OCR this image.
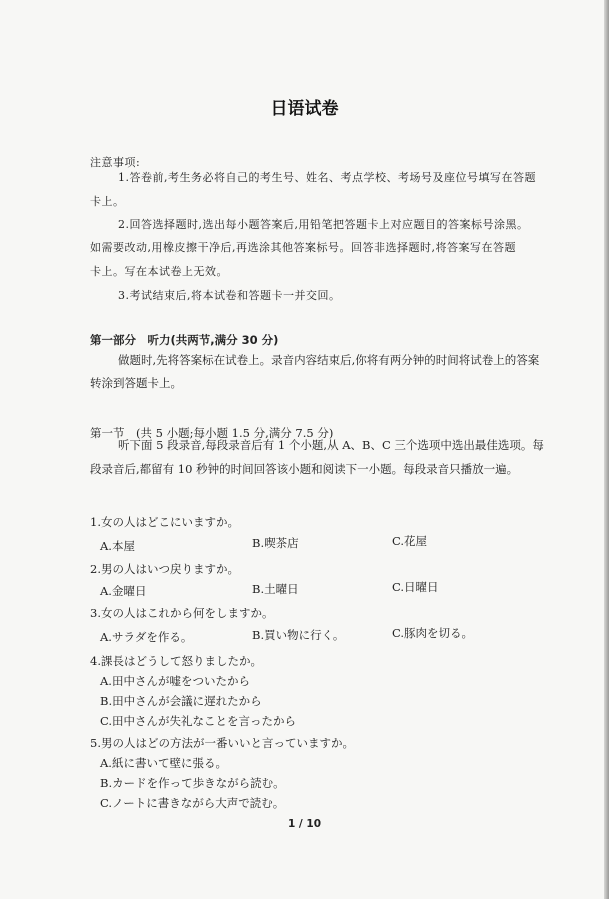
日语试卷
注意事项:
1.答卷前,考生务必将自己的考生号、姓名、考点学校、考场号及座位号填写在答题
卡上。
2.回答选择题时,选出每小题答案后,用铅笔把答题卡上对应题目的答案标号涂黑。
如需要改动,用橡皮擦干净后,再选涂其他答案标号。回答非选择题时,将答案写在答题
卡上。写在本试卷上无效。
3.考试结束后,将本试卷和答题卡一并交回。
第一部分　听力(共两节,满分 30 分)
做题时,先将答案标在试卷上。录音内容结束后,你将有两分钟的时间将试卷上的答案
转涂到答题卡上。
第一节　(共 5 小题;每小题 1.5 分,满分 7.5 分)
听下面 5 段录音,每段录音后有 1 个小题,从 A、B、C 三个选项中选出最佳选项。每
段录音后,都留有 10 秒钟的时间回答该小题和阅读下一小题。每段录音只播放一遍。
1.女の人はどこにいますか。
A.本屋	B.喫茶店	C.花屋
2.男の人はいつ戻りますか。
A.金曜日	B.土曜日	C.日曜日
3.女の人はこれから何をしますか。
A.サラダを作る。	B.買い物に行く。	C.豚肉を切る。
4.課長はどうして怒りましたか。
A.田中さんが嘘をついたから
B.田中さんが会議に遅れたから
C.田中さんが失礼なことを言ったから
5.男の人はどの方法が一番いいと言っていますか。
A.紙に書いて壁に張る。
B.カードを作って歩きながら読む。
C.ノートに書きながら大声で読む。
1 / 10
